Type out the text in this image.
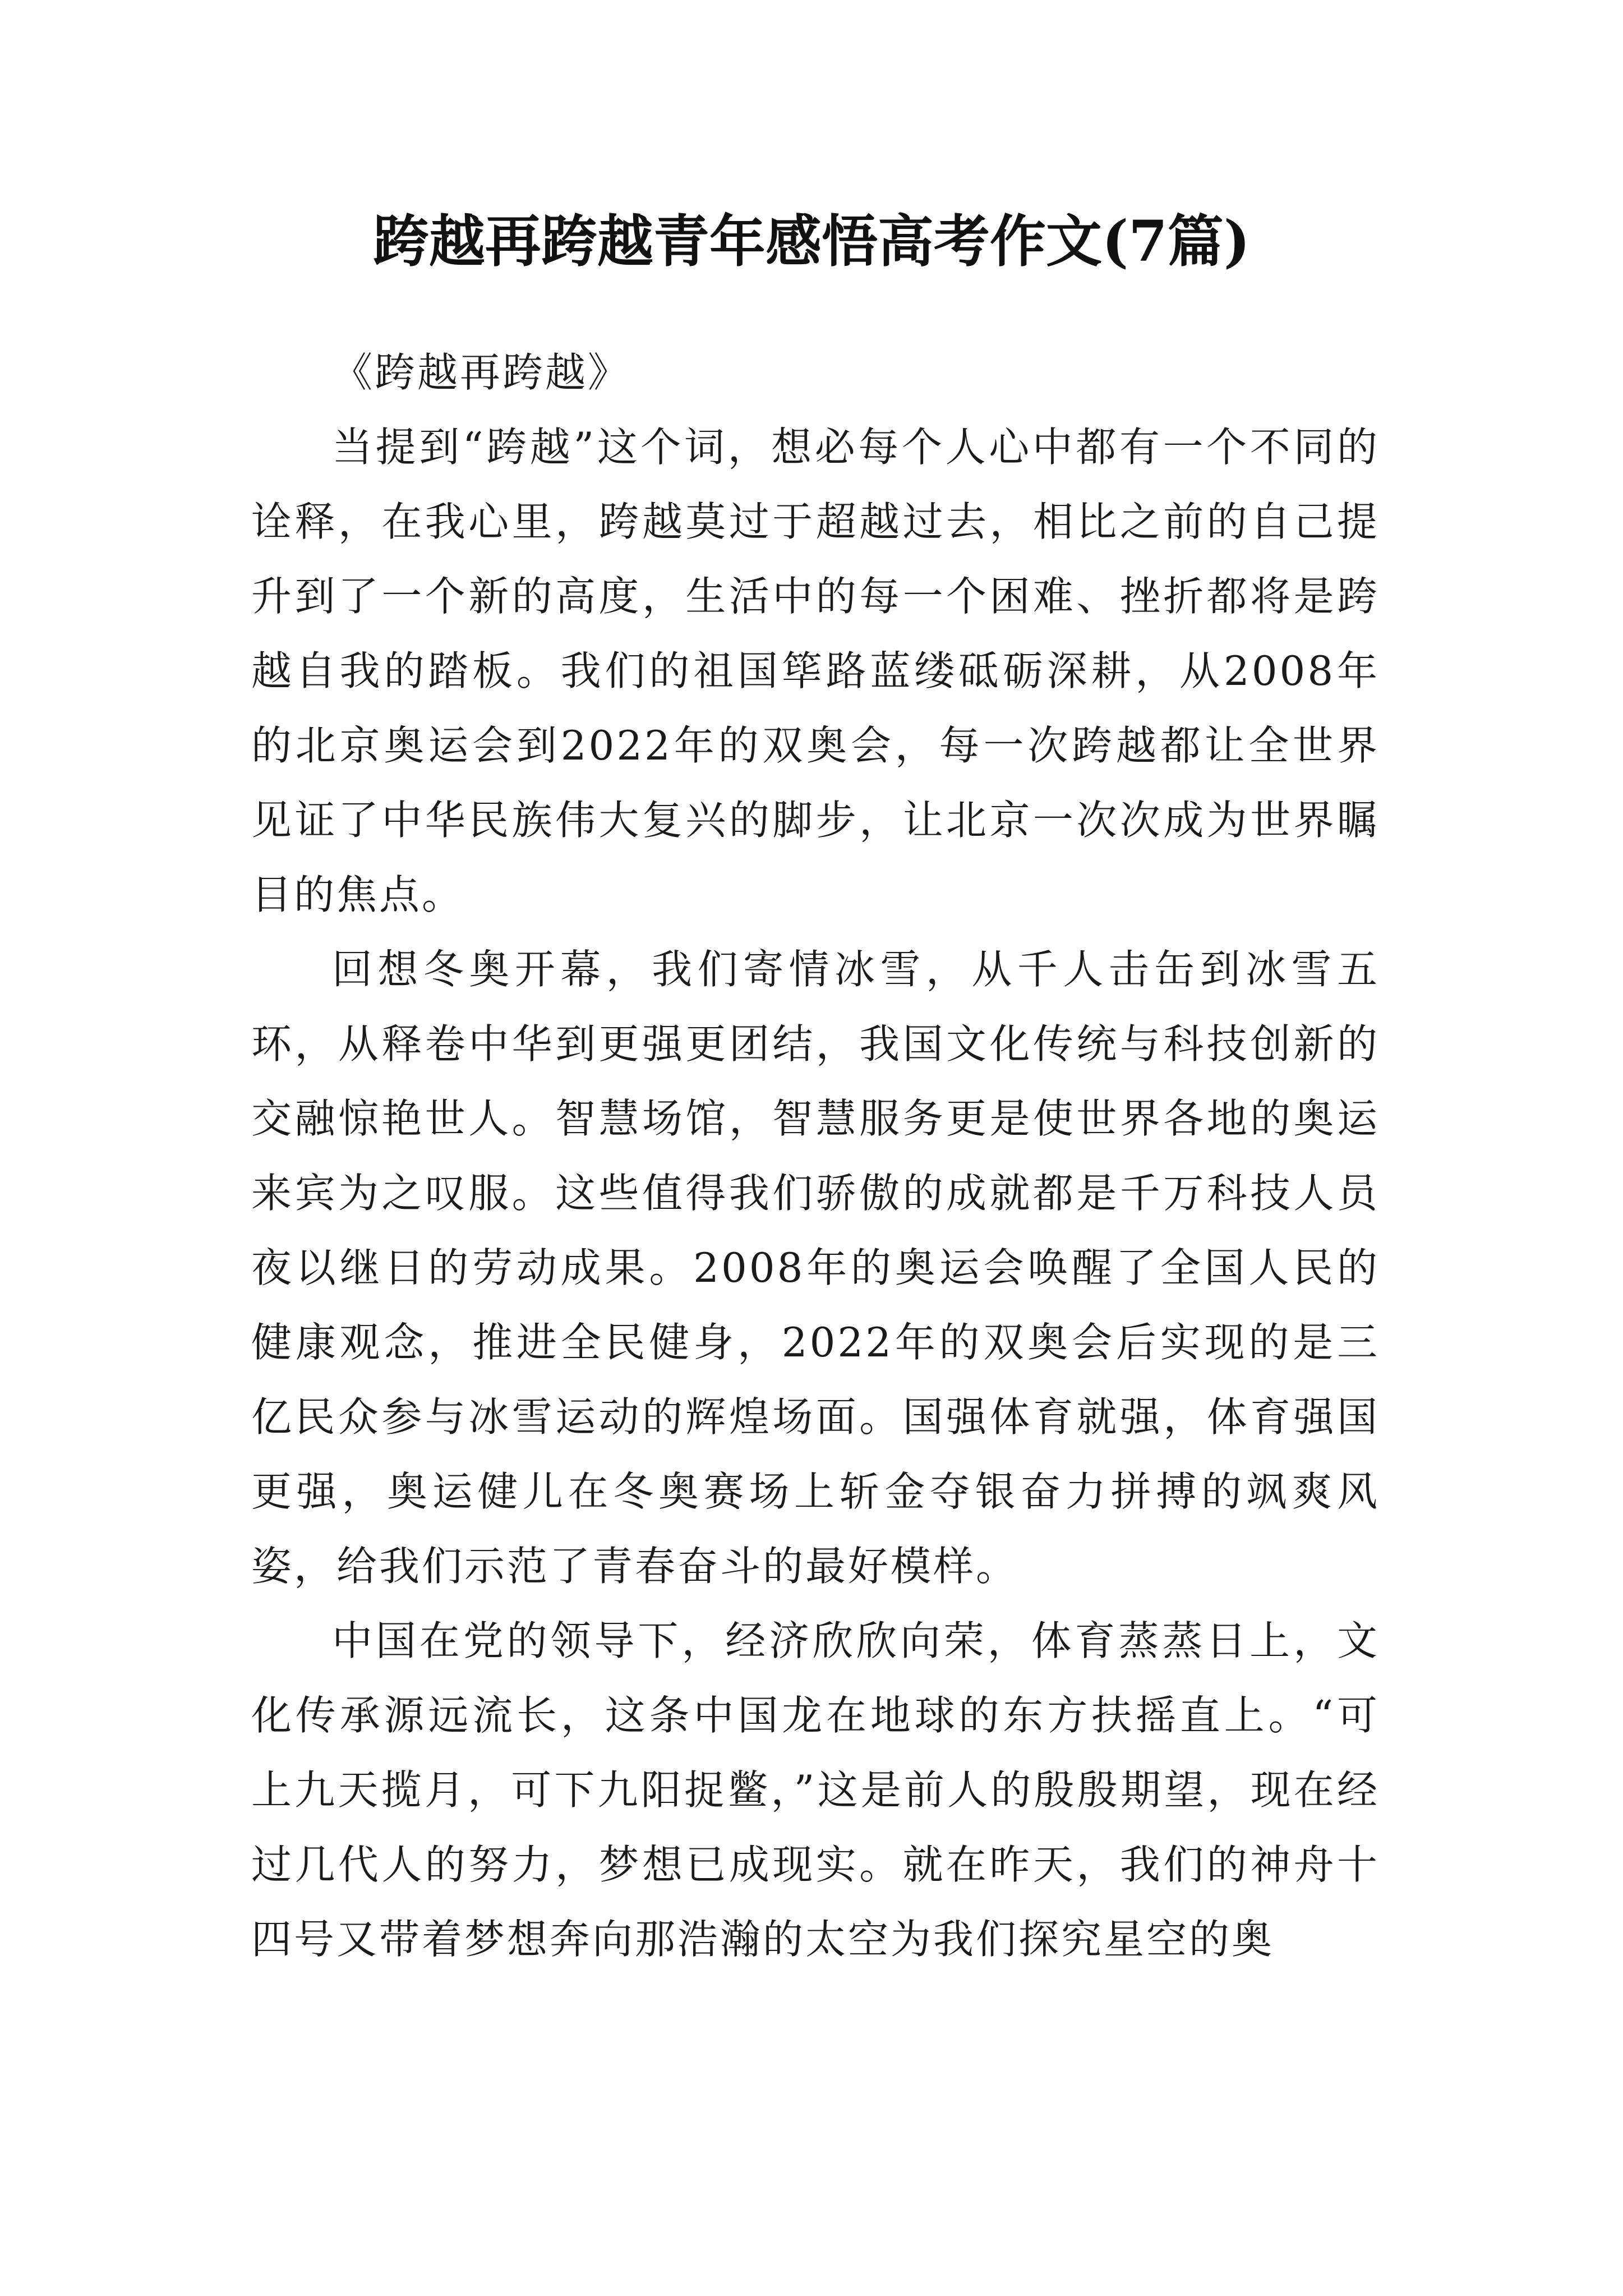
跨越再跨越青年感悟高考作文(7篇)

《跨越再跨越》

当提到“跨越”这个词，想必每个人心中都有一个不同的诠释，在我心里，跨越莫过于超越过去，相比之前的自己提升到了一个新的高度，生活中的每一个困难、挫折都将是跨越自我的踏板。我们的祖国筚路蓝缕砥砺深耕，从2008年的北京奥运会到2022年的双奥会，每一次跨越都让全世界见证了中华民族伟大复兴的脚步，让北京一次次成为世界瞩目的焦点。

回想冬奥开幕，我们寄情冰雪，从千人击缶到冰雪五环，从释卷中华到更强更团结，我国文化传统与科技创新的交融惊艳世人。智慧场馆，智慧服务更是使世界各地的奥运来宾为之叹服。这些值得我们骄傲的成就都是千万科技人员夜以继日的劳动成果。2008年的奥运会唤醒了全国人民的健康观念，推进全民健身，2022年的双奥会后实现的是三亿民众参与冰雪运动的辉煌场面。国强体育就强，体育强国更强，奥运健儿在冬奥赛场上斩金夺银奋力拼搏的飒爽风姿，给我们示范了青春奋斗的最好模样。

中国在党的领导下，经济欣欣向荣，体育蒸蒸日上，文化传承源远流长，这条中国龙在地球的东方扶摇直上。“可上九天揽月，可下九阳捉鳖，”这是前人的殷殷期望，现在经过几代人的努力，梦想已成现实。就在昨天，我们的神舟十四号又带着梦想奔向那浩瀚的太空为我们探究星空的奥
